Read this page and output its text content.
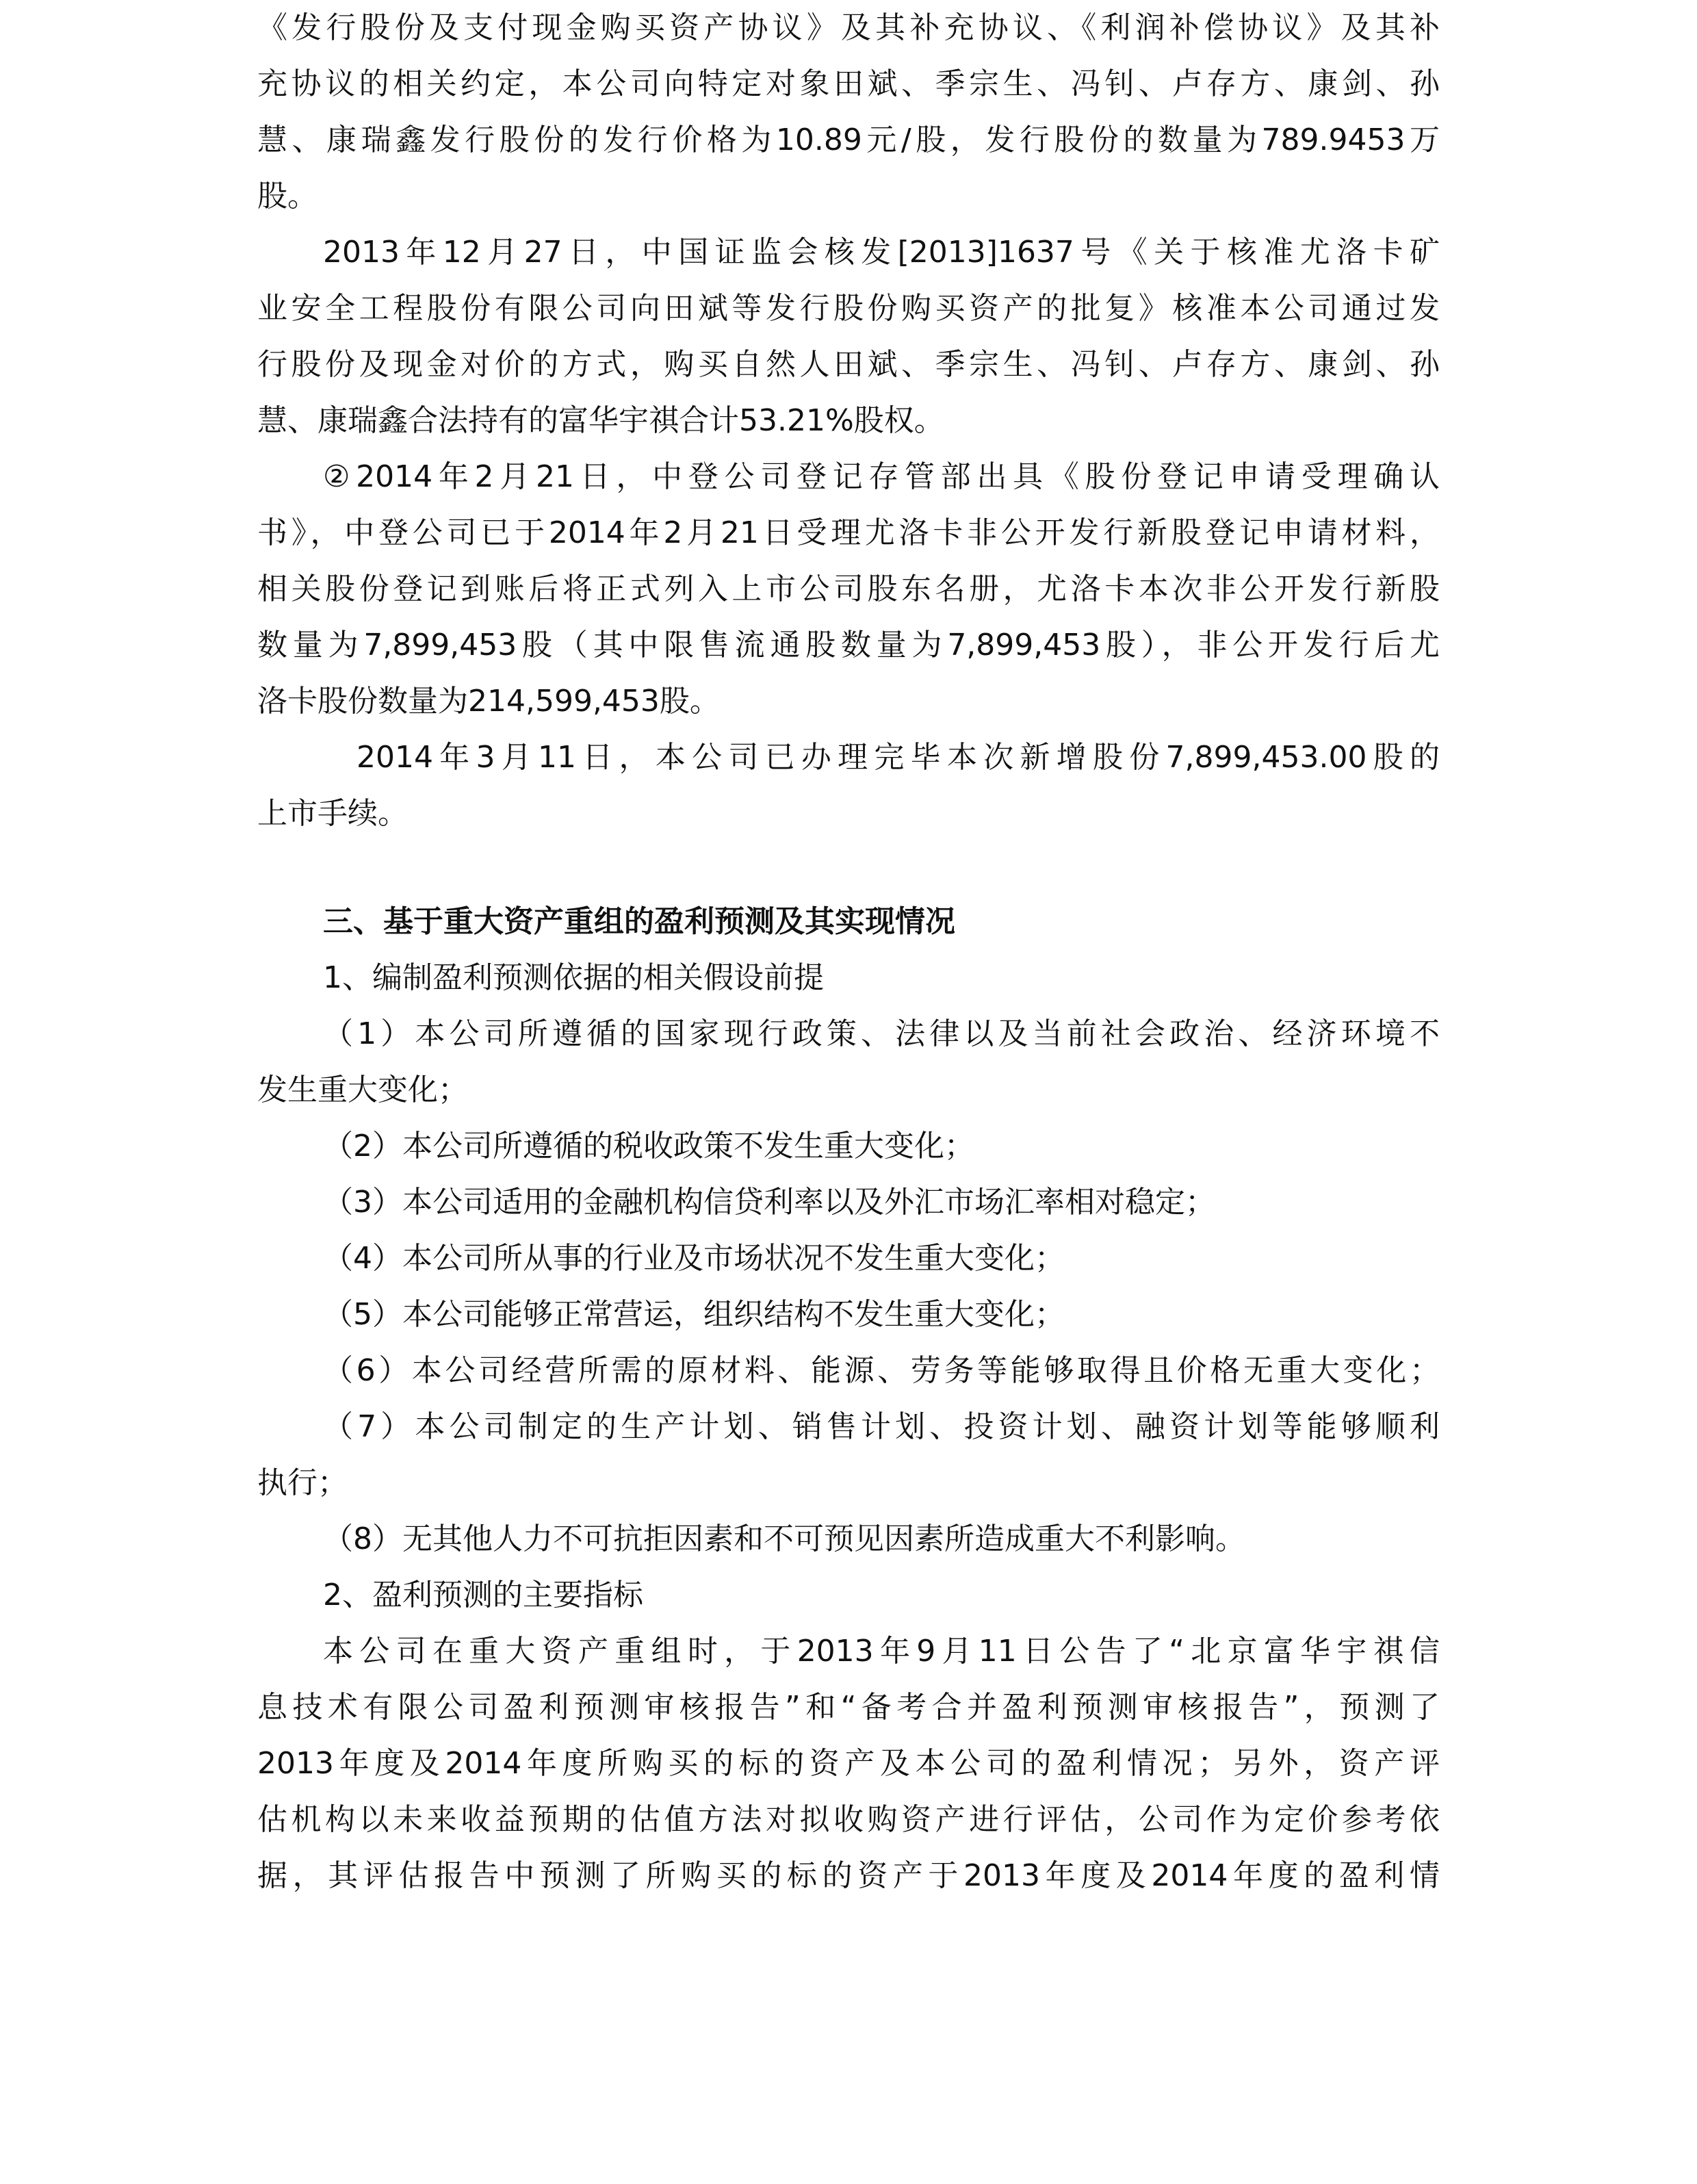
《发行股份及支付现金购买资产协议》及其补充协议、《利润补偿协议》及其补
充协议的相关约定，本公司向特定对象田斌、季宗生、冯钊、卢存方、康剑、孙
慧、康瑞鑫发行股份的发行价格为10.89元/股，发行股份的数量为789.9453万
股。
2013年12月27日，中国证监会核发[2013]1637号《关于核准尤洛卡矿
业安全工程股份有限公司向田斌等发行股份购买资产的批复》核准本公司通过发
行股份及现金对价的方式，购买自然人田斌、季宗生、冯钊、卢存方、康剑、孙
慧、康瑞鑫合法持有的富华宇祺合计53.21%股权。
②2014年2月21日，中登公司登记存管部出具《股份登记申请受理确认
书》，中登公司已于2014年2月21日受理尤洛卡非公开发行新股登记申请材料，
相关股份登记到账后将正式列入上市公司股东名册，尤洛卡本次非公开发行新股
数量为7,899,453股（其中限售流通股数量为7,899,453股），非公开发行后尤
洛卡股份数量为214,599,453股。
2014年3月11日，本公司已办理完毕本次新增股份7,899,453.00股的
上市手续。
三、基于重大资产重组的盈利预测及其实现情况
1、编制盈利预测依据的相关假设前提
（1）本公司所遵循的国家现行政策、法律以及当前社会政治、经济环境不
发生重大变化；
（2）本公司所遵循的税收政策不发生重大变化；
（3）本公司适用的金融机构信贷利率以及外汇市场汇率相对稳定；
（4）本公司所从事的行业及市场状况不发生重大变化；
（5）本公司能够正常营运，组织结构不发生重大变化；
（6）本公司经营所需的原材料、能源、劳务等能够取得且价格无重大变化；
（7）本公司制定的生产计划、销售计划、投资计划、融资计划等能够顺利
执行；
（8）无其他人力不可抗拒因素和不可预见因素所造成重大不利影响。
2、盈利预测的主要指标
本公司在重大资产重组时，于2013年9月11日公告了“北京富华宇祺信
息技术有限公司盈利预测审核报告”和“备考合并盈利预测审核报告”，预测了
2013年度及2014年度所购买的标的资产及本公司的盈利情况；另外，资产评
估机构以未来收益预期的估值方法对拟收购资产进行评估，公司作为定价参考依
据，其评估报告中预测了所购买的标的资产于2013年度及2014年度的盈利情
